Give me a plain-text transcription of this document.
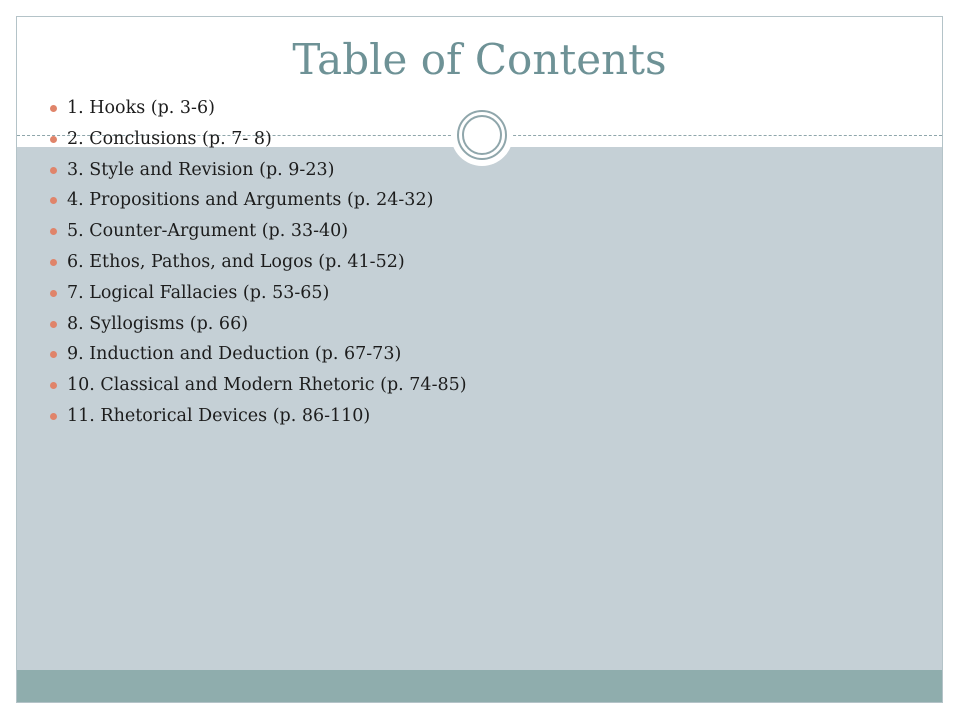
Table of Contents
1. Hooks (p. 3-6)
2. Conclusions (p. 7- 8)
3. Style and Revision (p. 9-23)
4. Propositions and Arguments (p. 24-32)
5. Counter-Argument (p. 33-40)
6. Ethos, Pathos, and Logos (p. 41-52)
7. Logical Fallacies (p. 53-65)
8. Syllogisms (p. 66)
9. Induction and Deduction (p. 67-73)
10. Classical and Modern Rhetoric (p. 74-85)
11. Rhetorical Devices (p. 86-110)
